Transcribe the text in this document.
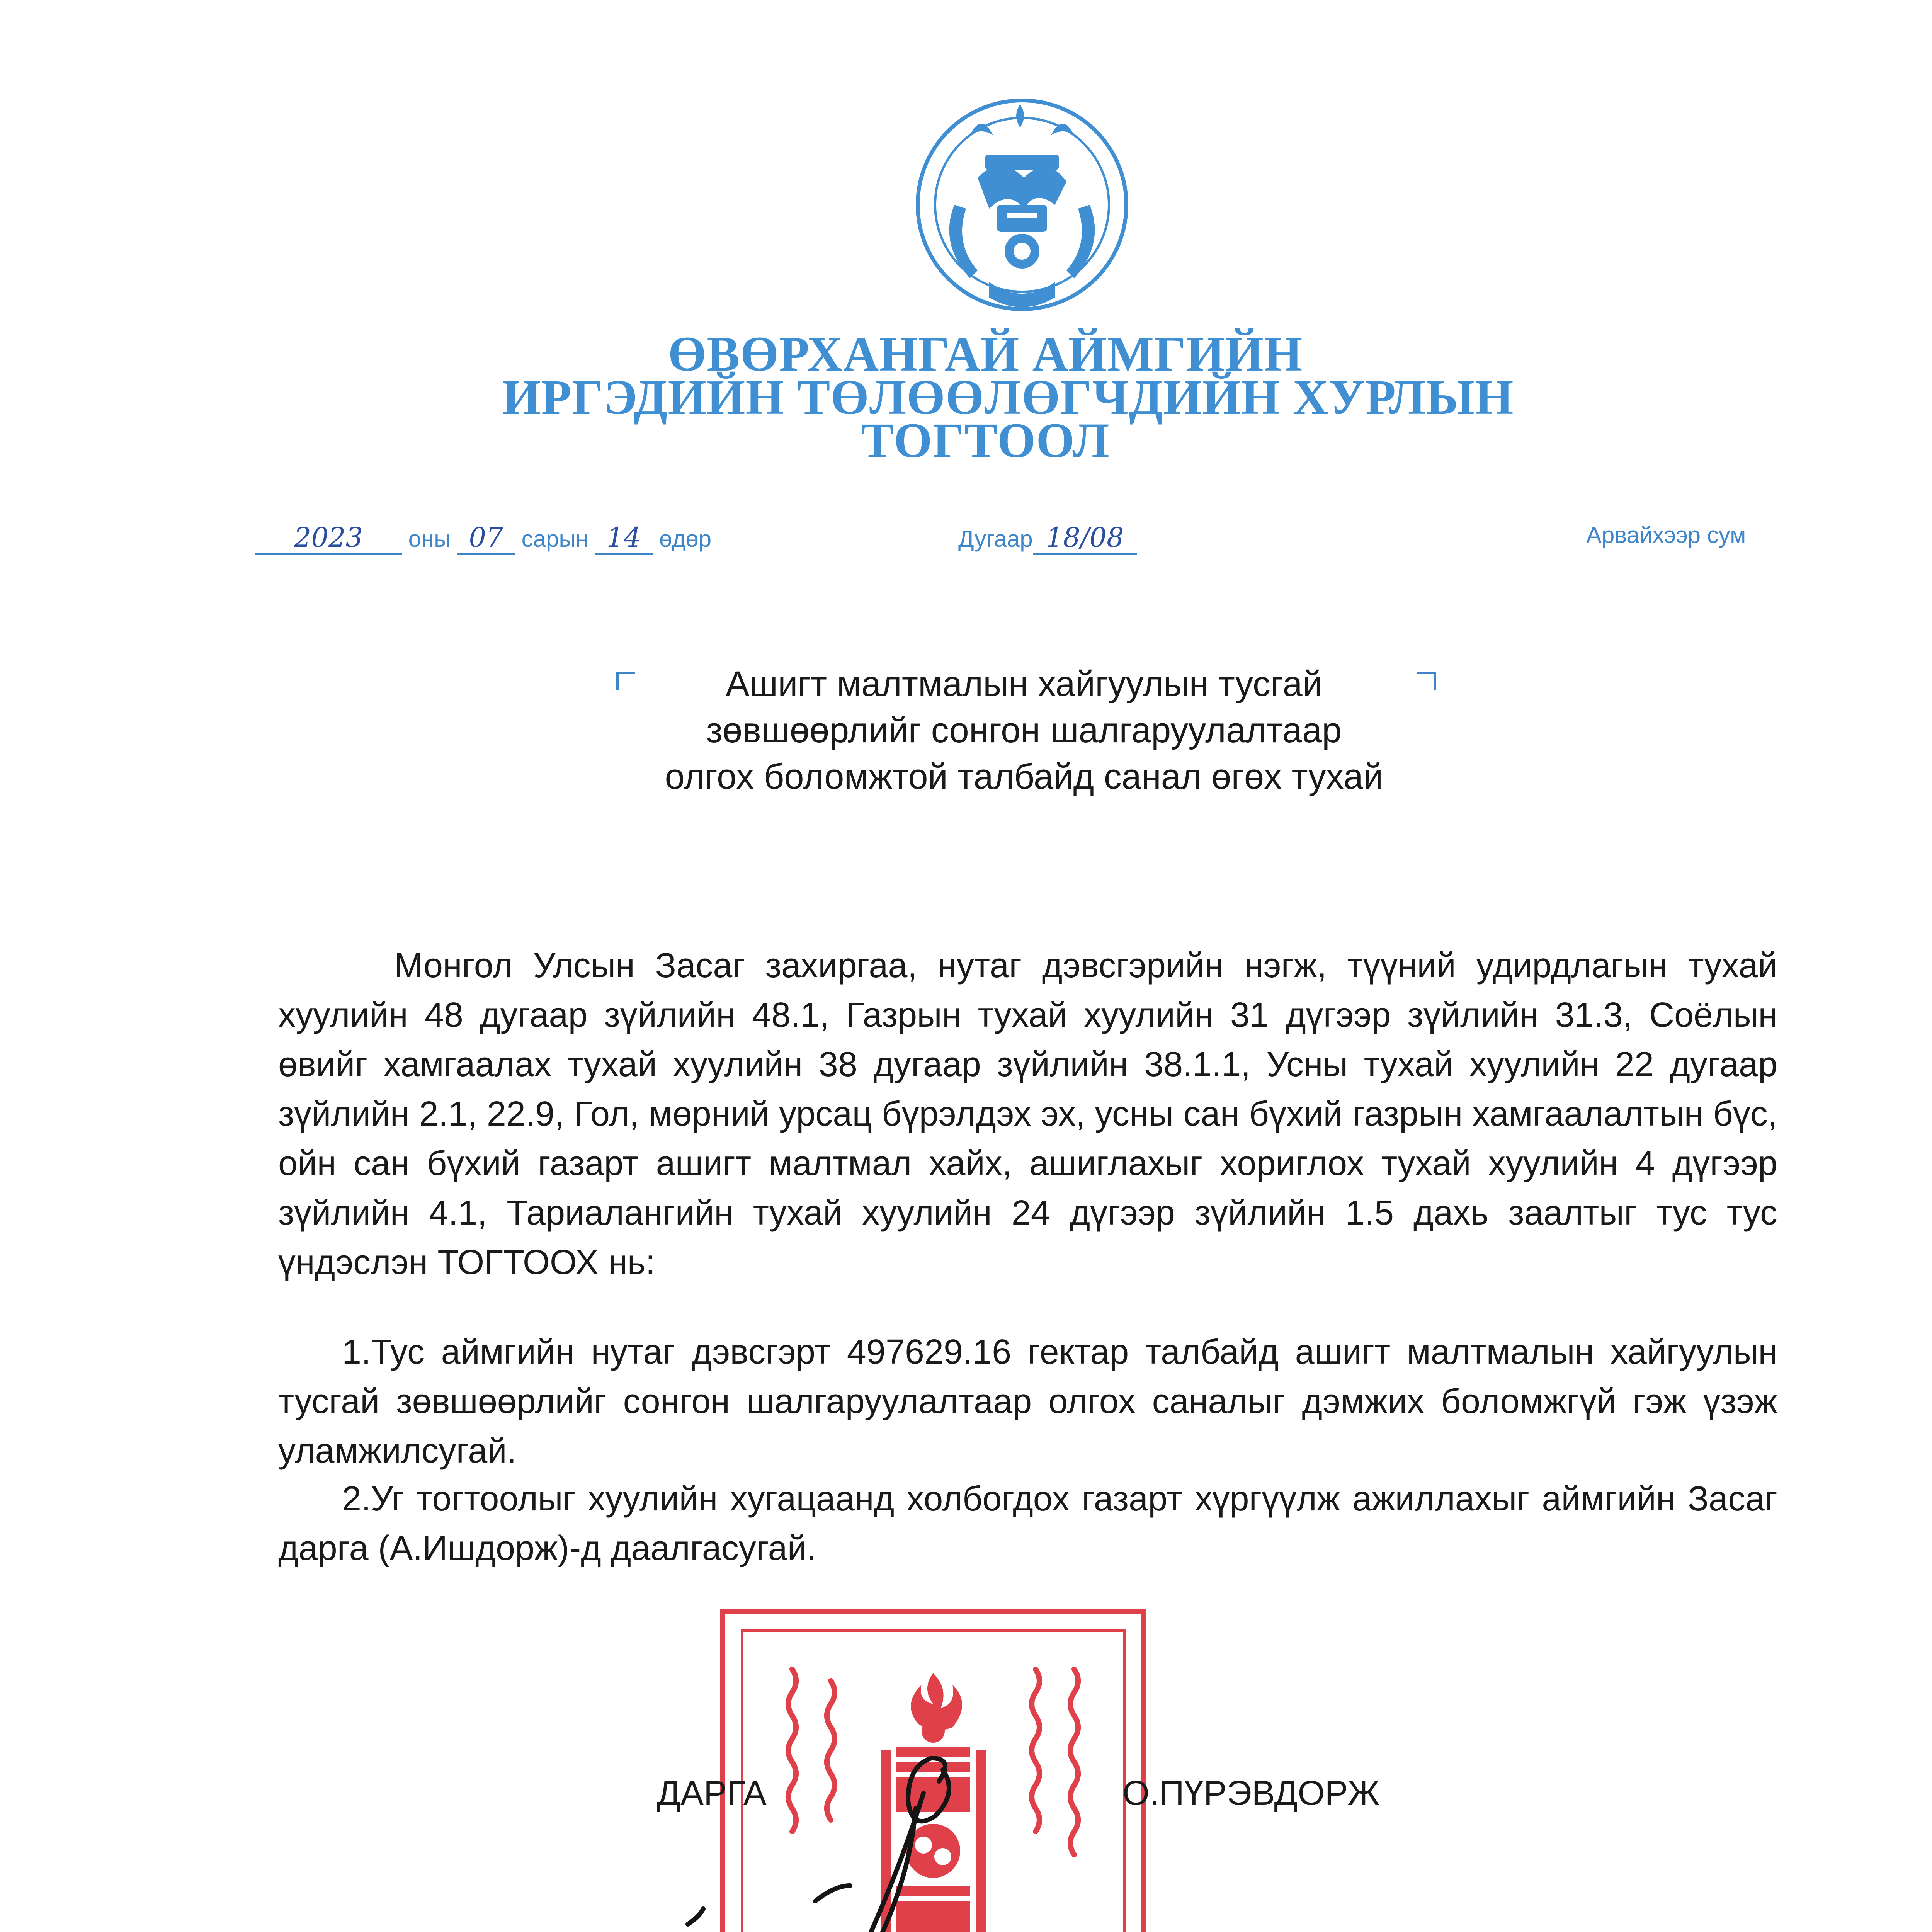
ӨВӨРХАНГАЙ АЙМГИЙН
ИРГЭДИЙН ТӨЛӨӨЛӨГЧДИЙН ХУРЛЫН
ТОГТООЛ
2023 оны 07 сарын 14 өдөр	Дугаар 18/08	Арвайхээр сум
Ашигт малтмалын хайгуулын тусгай
зөвшөөрлийг сонгон шалгаруулалтаар
олгох боломжтой талбайд санал өгөх тухай
Монгол Улсын Засаг захиргаа, нутаг дэвсгэрийн нэгж, түүний удирдлагын тухай хуулийн 48 дугаар зүйлийн 48.1, Газрын тухай хуулийн 31 дүгээр зүйлийн 31.3, Соёлын өвийг хамгаалах тухай хуулийн 38 дугаар зүйлийн 38.1.1, Усны тухай хуулийн 22 дугаар зүйлийн 2.1, 22.9, Гол, мөрний урсац бүрэлдэх эх, усны сан бүхий газрын хамгаалалтын бүс, ойн сан бүхий газарт ашигт малтмал хайх, ашиглахыг хориглох тухай хуулийн 4 дүгээр зүйлийн 4.1, Тариалангийн тухай хуулийн 24 дүгээр зүйлийн 1.5 дахь заалтыг тус тус үндэслэн ТОГТООХ нь:
1.Тус аймгийн нутаг дэвсгэрт 497629.16 гектар талбайд ашигт малтмалын хайгуулын тусгай зөвшөөрлийг сонгон шалгаруулалтаар олгох саналыг дэмжих боломжгүй гэж үзэж уламжилсугай.
2.Уг тогтоолыг хуулийн хугацаанд холбогдох газарт хүргүүлж ажиллахыг аймгийн Засаг дарга (А.Ишдорж)-д даалгасугай.
ДАРГА	О.ПҮРЭВДОРЖ
